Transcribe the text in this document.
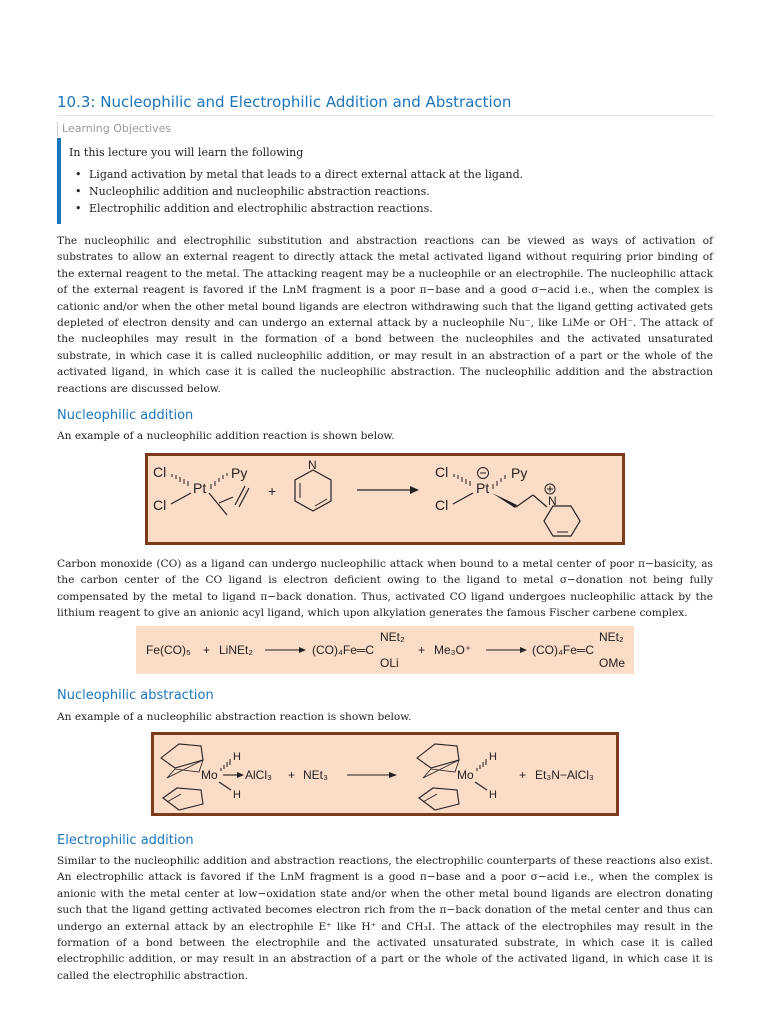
10.3: Nucleophilic and Electrophilic Addition and Abstraction
Learning Objectives
In this lecture you will learn the following
• Ligand activation by metal that leads to a direct external attack at the ligand.
• Nucleophilic addition and nucleophilic abstraction reactions.
• Electrophilic addition and electrophilic abstraction reactions.

The nucleophilic and electrophilic substitution and abstraction reactions can be viewed as ways of activation of substrates to allow an external reagent to directly attack the metal activated ligand without requiring prior binding of the external reagent to the metal. The attacking reagent may be a nucleophile or an electrophile. The nucleophilic attack of the external reagent is favored if the LnM fragment is a poor π−base and a good σ−acid i.e., when the complex is cationic and/or when the other metal bound ligands are electron withdrawing such that the ligand getting activated gets depleted of electron density and can undergo an external attack by a nucleophile Nu⁻, like LiMe or OH⁻. The attack of the nucleophiles may result in the formation of a bond between the nucleophiles and the activated unsaturated substrate, in which case it is called nucleophilic addition, or may result in an abstraction of a part or the whole of the activated ligand, in which case it is called the nucleophilic abstraction. The nucleophilic addition and the abstraction reactions are discussed below.

Nucleophilic addition
An example of a nucleophilic addition reaction is shown below.
Cl
Cl
Pt
Py
+
N	Cl
Cl
Pt
Py
N

Carbon monoxide (CO) as a ligand can undergo nucleophilic attack when bound to a metal center of poor π−basicity, as the carbon center of the CO ligand is electron deficient owing to the ligand to metal σ−donation not being fully compensated by the metal to ligand π−back donation. Thus, activated CO ligand undergoes nucleophilic attack by the lithium reagent to give an anionic acyl ligand, which upon alkylation generates the famous Fischer carbene complex.

Fe(CO)₅ + LiNEt₂	(CO)₄Fe═C
NEt₂
OLi
+ Me₃O⁺	(CO)₄Fe═C
NEt₂
OMe
Nucleophilic abstraction
An example of a nucleophilic abstraction reaction is shown below.
Mo
H
H
AlCl₃ + NEt₃	Mo
H
H
+ Et₃N−AlCl₃
Electrophilic addition

Similar to the nucleophilic addition and abstraction reactions, the electrophilic counterparts of these reactions also exist. An electrophilic attack is favored if the LnM fragment is a good π−base and a poor σ−acid i.e., when the complex is anionic with the metal center at low−oxidation state and/or when the other metal bound ligands are electron donating such that the ligand getting activated becomes electron rich from the π−back donation of the metal center and thus can undergo an external attack by an electrophile E⁺ like H⁺ and CH₃I. The attack of the electrophiles may result in the formation of a bond between the electrophile and the activated unsaturated substrate, in which case it is called electrophilic addition, or may result in an abstraction of a part or the whole of the activated ligand, in which case it is called the electrophilic abstraction.
